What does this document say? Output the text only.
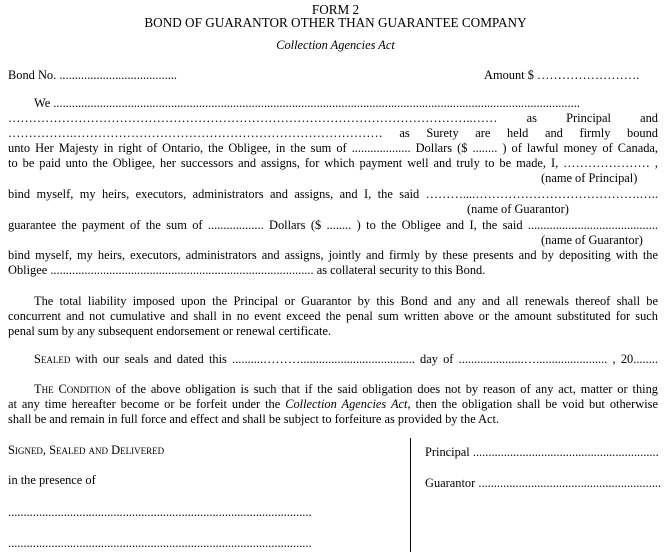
FORM 2
BOND OF GUARANTOR OTHER THAN GUARANTEE COMPANY
Collection Agencies Act
Bond No. ......................................	Amount $ …………………….
We ..........................................................................................................................................................................
…………………………………………………………………………………………………..…… as Principal and
…………….………………………………………………………………… as Surety are held and firmly bound
unto Her Majesty in right of Ontario, the Obligee, in the sum of ................... Dollars ($ ........ ) of lawful money of Canada,
to be paid unto the Obligee, her successors and assigns, for which payment well and truly to be made, I, ………………… ,
(name of Principal)
bind myself, my heirs, executors, administrators and assigns, and I, the said ………....………………………………….…..
(name of Guarantor)
guarantee the payment of the sum of .................. Dollars ($ ........ ) to the Obligee and I, the said ..........................................
(name of Guarantor)
bind myself, my heirs, executors, administrators and assigns, jointly and firmly by these presents and by depositing with the
Obligee ..................................................................................... as collateral security to this Bond.
The total liability imposed upon the Principal or Guarantor by this Bond and any and all renewals thereof shall be
concurrent and not cumulative and shall in no event exceed the penal sum written above or the amount substituted for such
penal sum by any subsequent endorsement or renewal certificate.
Sealed with our seals and dated this ..........………..................................... day of .....................…....................... , 20........
The Condition of the above obligation is such that if the said obligation does not by reason of any act, matter or thing
at any time hereafter become or be forfeit under the Collection Agencies Act, then the obligation shall be void but otherwise
shall be and remain in full force and effect and shall be subject to forfeiture as provided by the Act.
Signed, Sealed and Delivered
in the presence of
..................................................................................................
..................................................................................................
Principal ............................................................
Guarantor ...........................................................
